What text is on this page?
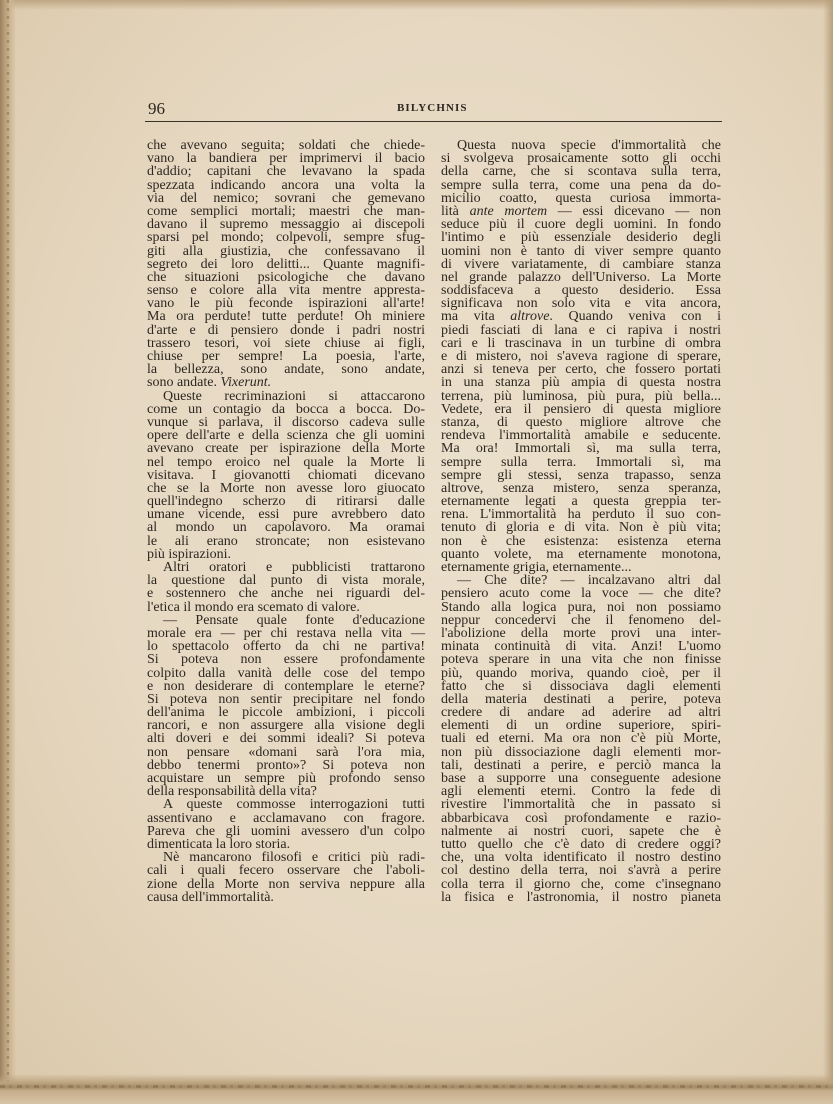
96	BILYCHNIS
che avevano seguita; soldati che chiede-
vano la bandiera per imprimervi il bacio
d'addio; capitani che levavano la spada
spezzata indicando ancora una volta la
via del nemico; sovrani che gemevano
come semplici mortali; maestri che man-
davano il supremo messaggio ai discepoli
sparsi pel mondo; colpevoli, sempre sfug-
giti alla giustizia, che confessavano il
segreto dei loro delitti... Quante magnifi-
che situazioni psicologiche che davano
senso e colore alla vita mentre appresta-
vano le più feconde ispirazioni all'arte!
Ma ora perdute! tutte perdute! Oh miniere
d'arte e di pensiero donde i padri nostri
trassero tesori, voi siete chiuse ai figli,
chiuse per sempre! La poesia, l'arte,
la bellezza, sono andate, sono andate,
sono andate. Vixerunt.
Queste recriminazioni si attaccarono
come un contagio da bocca a bocca. Do-
vunque si parlava, il discorso cadeva sulle
opere dell'arte e della scienza che gli uomini
avevano create per ispirazione della Morte
nel tempo eroico nel quale la Morte li
visitava. I giovanotti chiomati dicevano
che se la Morte non avesse loro giuocato
quell'indegno scherzo di ritirarsi dalle
umane vicende, essi pure avrebbero dato
al mondo un capolavoro. Ma oramai
le ali erano stroncate; non esistevano
più ispirazioni.
Altri oratori e pubblicisti trattarono
la questione dal punto di vista morale,
e sostennero che anche nei riguardi del-
l'etica il mondo era scemato di valore.
— Pensate quale fonte d'educazione
morale era — per chi restava nella vita —
lo spettacolo offerto da chi ne partiva!
Si poteva non essere profondamente
colpito dalla vanità delle cose del tempo
e non desiderare di contemplare le eterne?
Si poteva non sentir precipitare nel fondo
dell'anima le piccole ambizioni, i piccoli
rancori, e non assurgere alla visione degli
alti doveri e dei sommi ideali? Si poteva
non pensare «domani sarà l'ora mia,
debbo tenermi pronto»? Si poteva non
acquistare un sempre più profondo senso
della responsabilità della vita?
A queste commosse interrogazioni tutti
assentivano e acclamavano con fragore.
Pareva che gli uomini avessero d'un colpo
dimenticata la loro storia.
Nè mancarono filosofi e critici più radi-
cali i quali fecero osservare che l'aboli-
zione della Morte non serviva neppure alla
causa dell'immortalità.
Questa nuova specie d'immortalità che
si svolgeva prosaicamente sotto gli occhi
della carne, che si scontava sulla terra,
sempre sulla terra, come una pena da do-
micilio coatto, questa curiosa immorta-
lità ante mortem — essi dicevano — non
seduce più il cuore degli uomini. In fondo
l'intimo e più essenziale desiderio degli
uomini non è tanto di viver sempre quanto
di vivere variatamente, di cambiare stanza
nel grande palazzo dell'Universo. La Morte
soddisfaceva a questo desiderio. Essa
significava non solo vita e vita ancora,
ma vita altrove. Quando veniva con i
piedi fasciati di lana e ci rapiva i nostri
cari e li trascinava in un turbine di ombra
e di mistero, noi s'aveva ragione di sperare,
anzi si teneva per certo, che fossero portati
in una stanza più ampia di questa nostra
terrena, più luminosa, più pura, più bella...
Vedete, era il pensiero di questa migliore
stanza, di questo migliore altrove che
rendeva l'immortalità amabile e seducente.
Ma ora! Immortali sì, ma sulla terra,
sempre sulla terra. Immortali sì, ma
sempre gli stessi, senza trapasso, senza
altrove, senza mistero, senza speranza,
eternamente legati a questa greppia ter-
rena. L'immortalità ha perduto il suo con-
tenuto di gloria e di vita. Non è più vita;
non è che esistenza: esistenza eterna
quanto volete, ma eternamente monotona,
eternamente grigia, eternamente...
— Che dite? — incalzavano altri dal
pensiero acuto come la voce — che dite?
Stando alla logica pura, noi non possiamo
neppur concedervi che il fenomeno del-
l'abolizione della morte provi una inter-
minata continuità di vita. Anzi! L'uomo
poteva sperare in una vita che non finisse
più, quando moriva, quando cioè, per il
fatto che si dissociava dagli elementi
della materia destinati a perire, poteva
credere di andare ad aderire ad altri
elementi di un ordine superiore, spiri-
tuali ed eterni. Ma ora non c'è più Morte,
non più dissociazione dagli elementi mor-
tali, destinati a perire, e perciò manca la
base a supporre una conseguente adesione
agli elementi eterni. Contro la fede di
rivestire l'immortalità che in passato si
abbarbicava così profondamente e razio-
nalmente ai nostri cuori, sapete che è
tutto quello che c'è dato di credere oggi?
che, una volta identificato il nostro destino
col destino della terra, noi s'avrà a perire
colla terra il giorno che, come c'insegnano
la fisica e l'astronomia, il nostro pianeta
